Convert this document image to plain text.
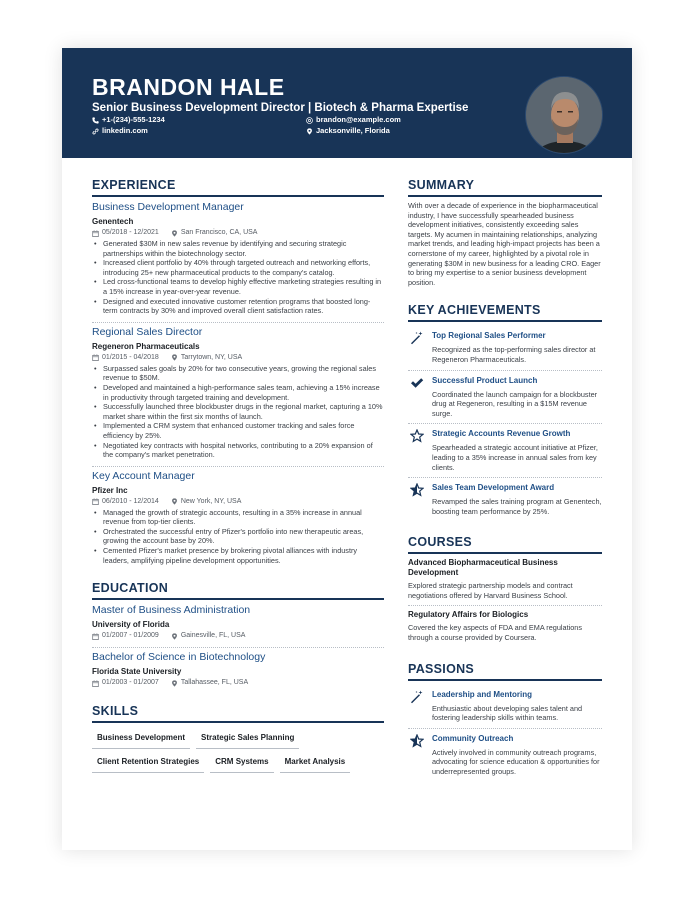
BRANDON HALE
Senior Business Development Director | Biotech & Pharma Expertise
+1-(234)-555-1234
linkedin.com
brandon@example.com
Jacksonville, Florida
EXPERIENCE
Business Development Manager
Genentech
05/2018 - 12/2021	San Francisco, CA, USA
• Generated $30M in new sales revenue by identifying and securing strategic partnerships within the biotechnology sector.
• Increased client portfolio by 40% through targeted outreach and networking efforts, introducing 25+ new pharmaceutical products to the company's catalog.
• Led cross-functional teams to develop highly effective marketing strategies resulting in a 15% increase in year-over-year revenue.
• Designed and executed innovative customer retention programs that boosted long-term contracts by 30% and improved overall client satisfaction rates.
Regional Sales Director
Regeneron Pharmaceuticals
01/2015 - 04/2018	Tarrytown, NY, USA
• Surpassed sales goals by 20% for two consecutive years, growing the regional sales revenue to $50M.
• Developed and maintained a high-performance sales team, achieving a 15% increase in productivity through targeted training and development.
• Successfully launched three blockbuster drugs in the regional market, capturing a 10% market share within the first six months of launch.
• Implemented a CRM system that enhanced customer tracking and sales force efficiency by 25%.
• Negotiated key contracts with hospital networks, contributing to a 20% expansion of the company's market penetration.
Key Account Manager
Pfizer Inc
06/2010 - 12/2014	New York, NY, USA
• Managed the growth of strategic accounts, resulting in a 35% increase in annual revenue from top-tier clients.
• Orchestrated the successful entry of Pfizer's portfolio into new therapeutic areas, growing the account base by 20%.
• Cemented Pfizer's market presence by brokering pivotal alliances with industry leaders, amplifying pipeline development opportunities.
EDUCATION
Master of Business Administration
University of Florida
01/2007 - 01/2009	Gainesville, FL, USA
Bachelor of Science in Biotechnology
Florida State University
01/2003 - 01/2007	Tallahassee, FL, USA
SKILLS
Business Development	Strategic Sales Planning
Client Retention Strategies	CRM Systems	Market Analysis
SUMMARY
With over a decade of experience in the biopharmaceutical industry, I have successfully spearheaded business development initiatives, consistently exceeding sales targets. My acumen in maintaining relationships, analyzing market trends, and leading high-impact projects has been a cornerstone of my career, highlighted by a pivotal role in generating $30M in new business for a leading CRO. Eager to bring my expertise to a senior business development position.
KEY ACHIEVEMENTS
Top Regional Sales Performer
Recognized as the top-performing sales director at Regeneron Pharmaceuticals.
Successful Product Launch
Coordinated the launch campaign for a blockbuster drug at Regeneron, resulting in a $15M revenue surge.
Strategic Accounts Revenue Growth
Spearheaded a strategic account initiative at Pfizer, leading to a 35% increase in annual sales from key clients.
Sales Team Development Award
Revamped the sales training program at Genentech, boosting team performance by 25%.
COURSES
Advanced Biopharmaceutical Business Development
Explored strategic partnership models and contract negotiations offered by Harvard Business School.
Regulatory Affairs for Biologics
Covered the key aspects of FDA and EMA regulations through a course provided by Coursera.
PASSIONS
Leadership and Mentoring
Enthusiastic about developing sales talent and fostering leadership skills within teams.
Community Outreach
Actively involved in community outreach programs, advocating for science education & opportunities for underrepresented groups.
